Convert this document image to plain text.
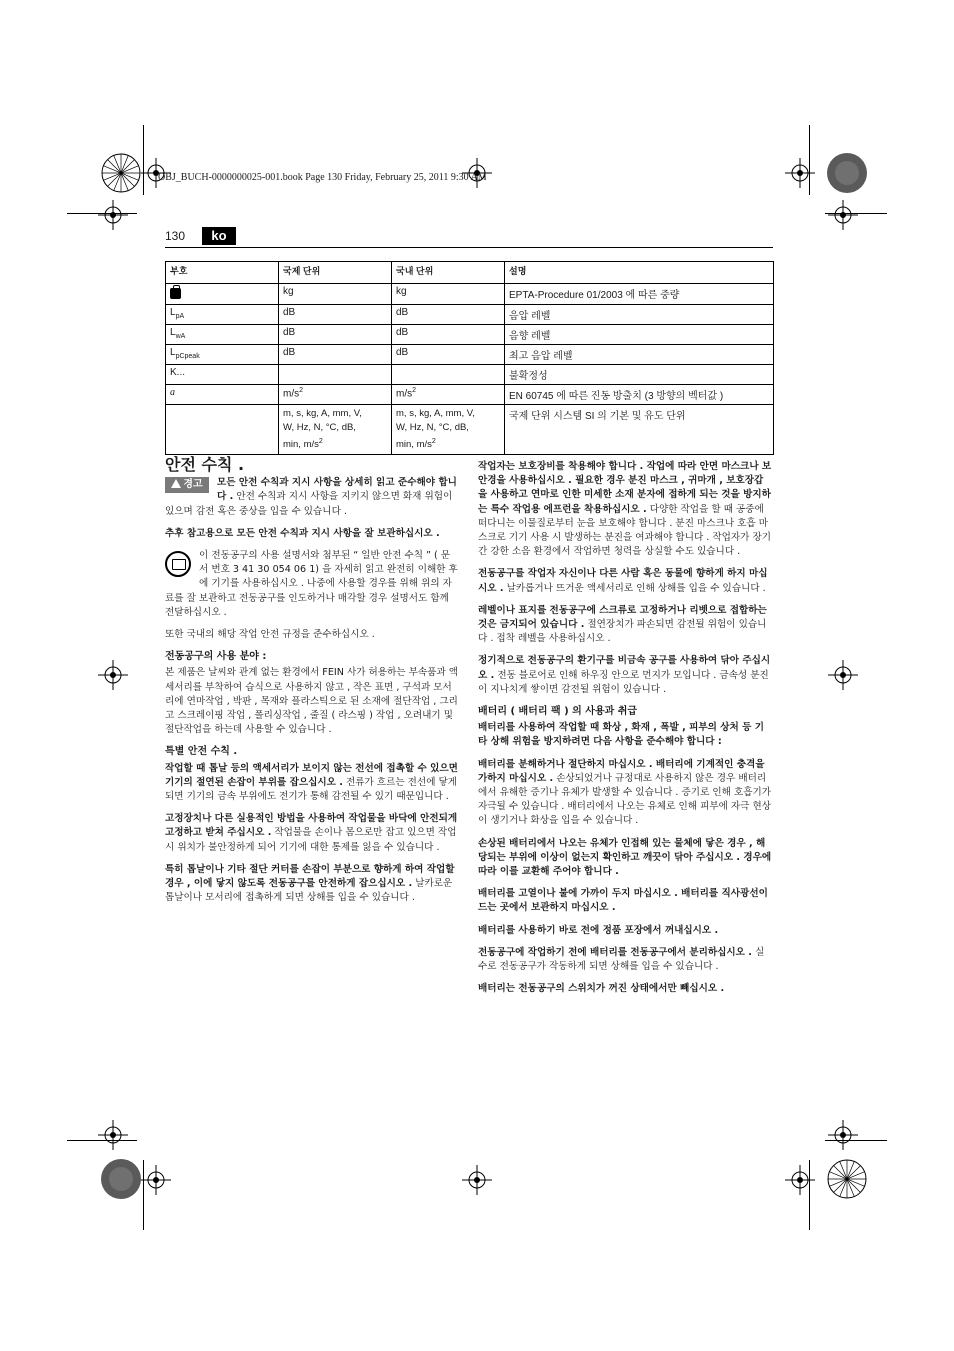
OBJ_BUCH-0000000025-001.book Page 130 Friday, February 25, 2011 9:30 AM
130	ko
부호	국제 단위	국내 단위	설명
	kg	kg	EPTA-Procedure 01/2003 에 따른 중량
$L_{pA}$	dB	dB	음압 레벨
$L_{wA}$	dB	dB	음향 레벨
$L_{pCpeak}$	dB	dB	최고 음압 레벨
K...			불확정성
a	$m/s^2$	$m/s^2$	EN 60745 에 따른 진동 방출치 (3 방향의 벡터값 )
	m, s, kg, A, mm, V,
W, Hz, N, °C, dB,
min, $m/s^2$	m, s, kg, A, mm, V,
W, Hz, N, °C, dB,
min, $m/s^2$	국제 단위 시스템 SI 의 기본 및 유도 단위
안전 수칙 .

경고	모든 안전 수칙과 지시 사항을 상세히 읽고 준수해야 합니다 . 안전 수칙과 지시 사항을 지키지 않으면 화재 위험이 있으며 감전 혹은 중상을 입을 수 있습니다 .

추후 참고용으로 모든 안전 수칙과 지시 사항을 잘 보관하십시오 .

이 전동공구의 사용 설명서와 첨부된 “ 일반 안전 수칙 ” ( 문서 번호 3 41 30 054 06 1) 을 자세히 읽고 완전히 이해한 후에 기기를 사용하십시오 . 나중에 사용할 경우를 위해 위의 자료를 잘 보관하고 전동공구를 인도하거나 매각할 경우 설명서도 함께 전달하십시오 .

또한 국내의 해당 작업 안전 규정을 준수하십시오 .

전동공구의 사용 분야 :

본 제품은 날씨와 관계 없는 환경에서 FEIN 사가 허용하는 부속품과 액세서리를 부착하여 습식으로 사용하지 않고 , 작은 표면 , 구석과 모서리에 연마작업 , 박판 , 목재와 플라스틱으로 된 소재에 절단작업 , 그리고 스크레이핑 작업 , 폴리싱작업 , 줄질 ( 라스핑 ) 작업 , 오려내기 및 절단작업을 하는데 사용할 수 있습니다 .

특별 안전 수칙 .

작업할 때 톱날 등의 액세서리가 보이지 않는 전선에 접촉할 수 있으면 기기의 절연된 손잡이 부위를 잡으십시오 . 전류가 흐르는 전선에 닿게되면 기기의 금속 부위에도 전기가 통해 감전될 수 있기 때문입니다 .

고정장치나 다른 실용적인 방법을 사용하여 작업물을 바닥에 안전되게 고정하고 받쳐 주십시오 . 작업물을 손이나 몸으로만 잡고 있으면 작업 시 위치가 불안정하게 되어 기기에 대한 통제를 잃을 수 있습니다 .

특히 톱날이나 기타 절단 커터를 손잡이 부분으로 향하게 하여 작업할 경우 , 이에 닿지 않도록 전동공구를 안전하게 잡으십시오 . 날카로운 톱날이나 모서리에 접촉하게 되면 상해를 입을 수 있습니다 .

작업자는 보호장비를 착용해야 합니다 . 작업에 따라 안면 마스크나 보안경을 사용하십시오 . 필요한 경우 분진 마스크 , 귀마개 , 보호장갑을 사용하고 연마로 인한 미세한 소재 분자에 접하게 되는 것을 방지하는 특수 작업용 에프런을 착용하십시오 . 다양한 작업을 할 때 공중에 떠다니는 이물질로부터 눈을 보호해야 합니다 . 분진 마스크나 호흡 마스크로 기기 사용 시 발생하는 분진을 여과해야 합니다 . 작업자가 장기간 강한 소음 환경에서 작업하면 청력을 상실할 수도 있습니다 .

전동공구를 작업자 자신이나 다른 사람 혹은 동물에 향하게 하지 마십시오 . 날카롭거나 뜨거운 액세서리로 인해 상해를 입을 수 있습니다 .

레벨이나 표지를 전동공구에 스크류로 고정하거나 리벳으로 접합하는 것은 금지되어 있습니다 . 절연장치가 파손되면 감전될 위험이 있습니다 . 접착 레벨을 사용하십시오 .

정기적으로 전동공구의 환기구를 비금속 공구를 사용하여 닦아 주십시오 . 전동 블로어로 인해 하우징 안으로 먼지가 모입니다 . 금속성 분진이 지나치게 쌓이면 감전될 위험이 있습니다 .

배터리 ( 배터리 팩 ) 의 사용과 취급

배터리를 사용하여 작업할 때 화상 , 화재 , 폭발 , 피부의 상처 등 기타 상해 위험을 방지하려면 다음 사항을 준수해야 합니다 :

배터리를 분해하거나 절단하지 마십시오 . 배터리에 기계적인 충격을 가하지 마십시오 . 손상되었거나 규정대로 사용하지 않은 경우 배터리에서 유해한 증기나 유체가 발생할 수 있습니다 . 증기로 인해 호흡기가 자극될 수 있습니다 . 배터리에서 나오는 유체로 인해 피부에 자극 현상이 생기거나 화상을 입을 수 있습니다 .

손상된 배터리에서 나오는 유체가 인접해 있는 물체에 닿은 경우 , 해당되는 부위에 이상이 없는지 확인하고 깨끗이 닦아 주십시오 . 경우에 따라 이를 교환해 주어야 합니다 .

배터리를 고열이나 불에 가까이 두지 마십시오 . 배터리를 직사광선이 드는 곳에서 보관하지 마십시오 .

배터리를 사용하기 바로 전에 정품 포장에서 꺼내십시오 .

전동공구에 작업하기 전에 배터리를 전동공구에서 분리하십시오 . 실수로 전동공구가 작동하게 되면 상해를 입을 수 있습니다 .

배터리는 전동공구의 스위치가 꺼진 상태에서만 빼십시오 .
